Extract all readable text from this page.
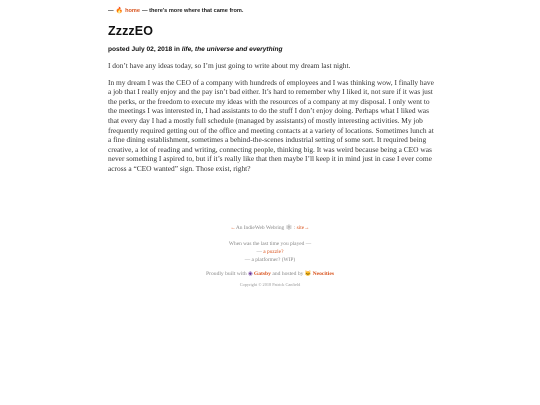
— 🔥 home — there's more where that came from.
ZzzzEO
posted July 02, 2018 in life, the universe and everything

I don’t have any ideas today, so I’m just going to write about my dream last night.

In my dream I was the CEO of a company with hundreds of employees and I was thinking wow, I finally have a job that I really enjoy and the pay isn’t bad either. It’s hard to remember why I liked it, not sure if it was just the perks, or the freedom to execute my ideas with the resources of a company at my disposal. I only went to the meetings I was interested in, I had assistants to do the stuff I don’t enjoy doing. Perhaps what I liked was that every day I had a mostly full schedule (managed by assistants) of mostly interesting activities. My job frequently required getting out of the office and meeting contacts at a variety of locations. Sometimes lunch at a fine dining establishment, sometimes a behind-the-scenes industrial setting of some sort. It required being creative, a lot of reading and writing, connecting people, thinking big. It was weird because being a CEO was never something I aspired to, but if it’s really like that then maybe I’ll keep it in mind just in case I ever come across a “CEO wanted” sign. Those exist, right?

←An IndieWeb Webring 🕸 : site→
When was the last time you played —
— a puzzle?
— a platformer? (WIP)
Proudly built with ◉Gatsby and hosted by 🐱Neocities
Copyright © 2018 Patrick Canfield
